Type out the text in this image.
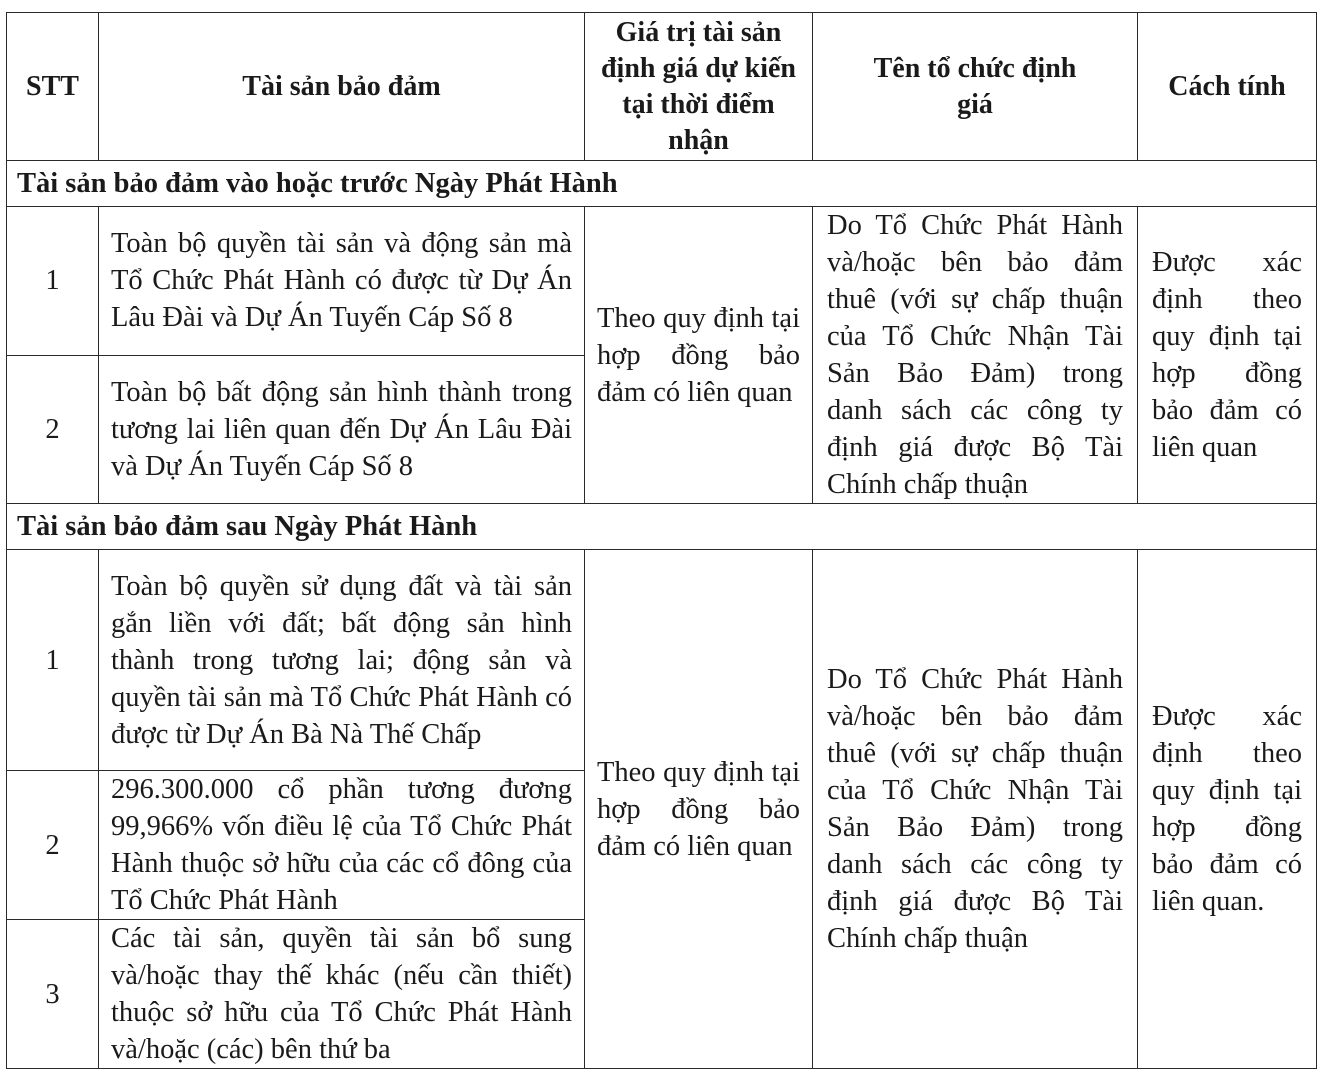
STT	Tài sản bảo đảm	Giá trị tài sản định giá dự kiến tại thời điểm nhận	Tên tổ chức định giá	Cách tính
Tài sản bảo đảm vào hoặc trước Ngày Phát Hành				
1	Toàn bộ quyền tài sản và động sản mà Tổ Chức Phát Hành có được từ Dự Án Lâu Đài và Dự Án Tuyến Cáp Số 8	Theo quy định tại hợp đồng bảo đảm có liên quan	Do Tổ Chức Phát Hành và/hoặc bên bảo đảm thuê (với sự chấp thuận của Tổ Chức Nhận Tài Sản Bảo Đảm) trong danh sách các công ty định giá được Bộ Tài Chính chấp thuận	Được xác định theo quy định tại hợp đồng bảo đảm có liên quan
2	Toàn bộ bất động sản hình thành trong tương lai liên quan đến Dự Án Lâu Đài và Dự Án Tuyến Cáp Số 8			
Tài sản bảo đảm sau Ngày Phát Hành				
1	Toàn bộ quyền sử dụng đất và tài sản gắn liền với đất; bất động sản hình thành trong tương lai; động sản và quyền tài sản mà Tổ Chức Phát Hành có được từ Dự Án Bà Nà Thế Chấp	Theo quy định tại hợp đồng bảo đảm có liên quan	Do Tổ Chức Phát Hành và/hoặc bên bảo đảm thuê (với sự chấp thuận của Tổ Chức Nhận Tài Sản Bảo Đảm) trong danh sách các công ty định giá được Bộ Tài Chính chấp thuận	Được xác định theo quy định tại hợp đồng bảo đảm có liên quan.
2	296.300.000 cổ phần tương đương 99,966% vốn điều lệ của Tổ Chức Phát Hành thuộc sở hữu của các cổ đông của Tổ Chức Phát Hành			
3	Các tài sản, quyền tài sản bổ sung và/hoặc thay thế khác (nếu cần thiết) thuộc sở hữu của Tổ Chức Phát Hành và/hoặc (các) bên thứ ba			
